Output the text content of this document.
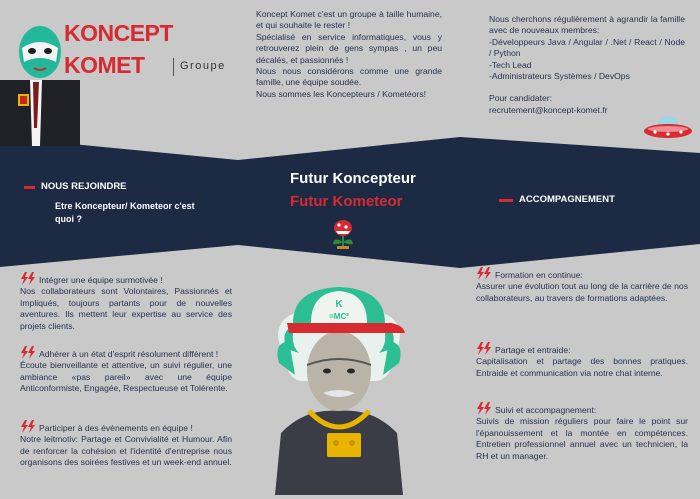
KONCEPT
KOMET	Groupe

Koncept Komet c'est un groupe à taille humaine, et qui souhaite le rester !

Spécialisé en service informatiques, vous y retrouverez plein de gens sympas , un peu décalés, et passionnés !

Nous nous considérons comme une grande famille, une équipe soudée.

Nous sommes les Koncepteurs / Kometéors!

Nous cherchons régulièrement à agrandir la famille avec de nouveaux membres:

-Développeurs Java / Angular / .Net / React / Node / Python

-Tech Lead

-Administrateurs Systèmes / DevOps

Pour candidater:

recrutement@koncept-komet.fr

NOUS REJOINDRE
Etre Koncepteur/ Kometeor c'est quoi ?
Futur Koncepteur
Futur Kometeor	ACCOMPAGNEMENT
Intégrer une équipe surmotivée !
Nos collaborateurs sont Volontaires, Passionnés et Impliqués, toujours partants pour de nouvelles aventures. Ils mettent leur expertise au service des projets clients.
Adhérer à un état d'esprit résolument différent !
Écoute bienveillante et attentive, un suivi régulier, une ambiance «pas pareil» avec une équipe Anticonformiste, Engagée, Respectueuse et Tolérente.
Participer à des évènements en équipe !
Notre leitmotiv: Partage et Convivialité et Humour. Afin de renforcer la cohésion et l'identité d'entreprise nous organisons des soirées festives et un week-end annuel.
K
=MC²
Formation en continue:
Assurer une évolution tout au long de la carrière de nos collaborateurs, au travers de formations adaptées.
Partage et entraide:
Capitalisation et partage des bonnes pratiques. Entraide et communication via notre chat interne.
Suivi et accompagnement:
Suivis de mission réguliers pour faire le point sur l'épanouissement et la montée en compétences. Entretien professionnel annuel avec un technicien, la RH et un manager.
